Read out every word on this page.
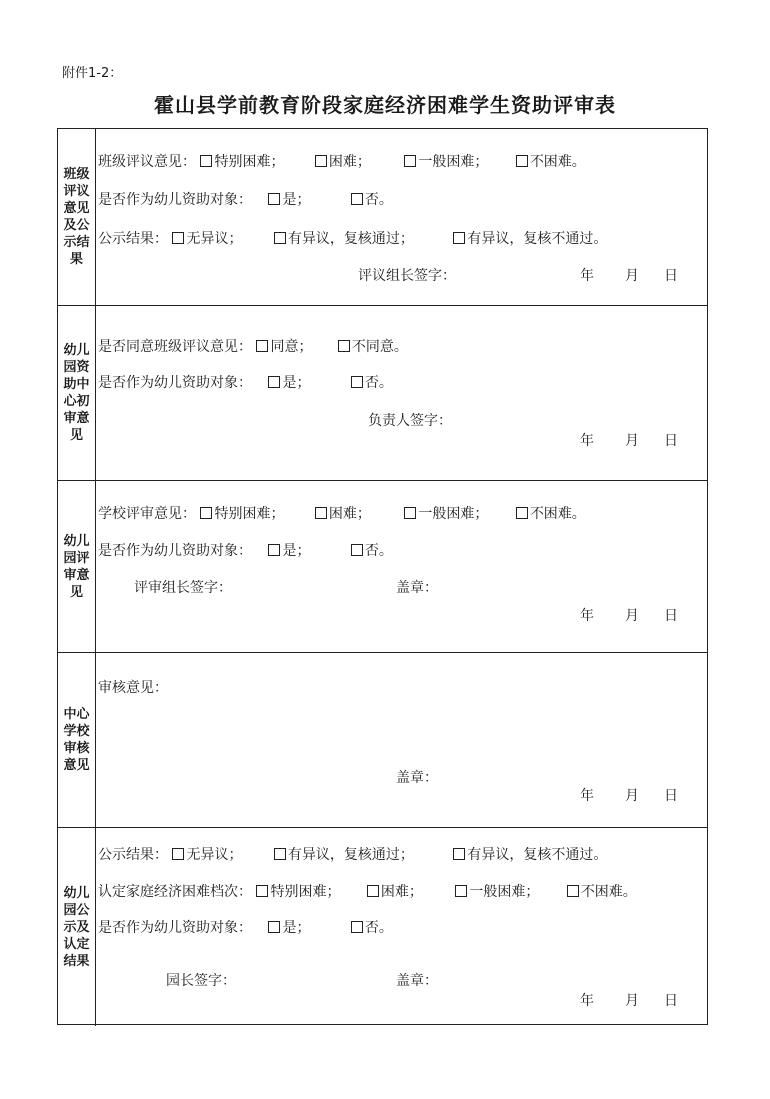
附件1-2：
霍山县学前教育阶段家庭经济困难学生资助评审表
班级评议意见及公示结果
班级评议意见： 特别困难；	困难；	一般困难；	不困难。
是否作为幼儿资助对象： 是；	否。
公示结果： 无异议；	有异议，复核通过；	有异议，复核不通过。
评议组长签字：	年 月 日
幼儿园资助中心初审意见
是否同意班级评议意见： 同意；	不同意。
是否作为幼儿资助对象： 是；	否。
负责人签字：
年 月 日
幼儿园评审意见
学校评审意见： 特别困难；	困难；	一般困难；	不困难。
是否作为幼儿资助对象： 是；	否。
评审组长签字：	盖章：
年 月 日
中心学校审核意见
审核意见：
盖章：
年 月 日
幼儿园公示及认定结果
公示结果： 无异议；	有异议，复核通过；	有异议，复核不通过。
认定家庭经济困难档次： 特别困难；	困难；	一般困难；	不困难。
是否作为幼儿资助对象： 是；	否。
园长签字：	盖章：
年 月 日
